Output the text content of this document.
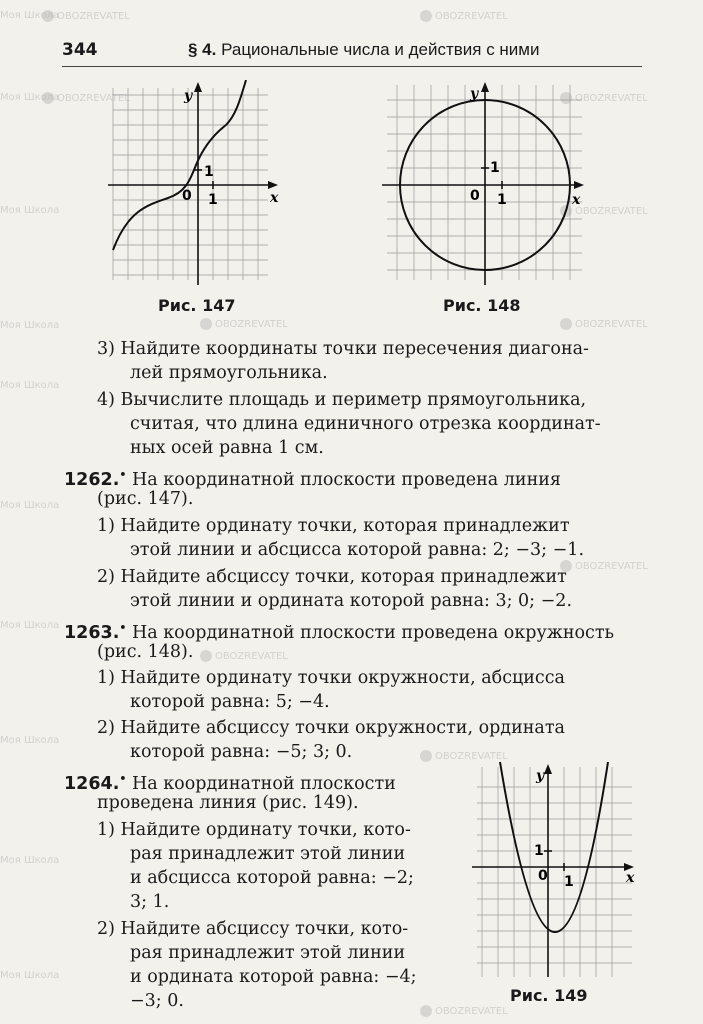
Моя Школа
OBOZREVATEL	OBOZREVATEL
Моя Школа
OBOZREVATEL	OBOZREVATEL
Моя Школа	OBOZREVATEL
Моя Школа	OBOZREVATEL	OBOZREVATEL
Моя Школа
Моя Школа
OBOZREVATEL
Моя Школа
OBOZREVATEL
Моя Школа
OBOZREVATEL
Моя Школа
Моя Школа
OBOZREVATEL
344	§ 4. Рациональные числа и действия с ними
y
x
0 1
1
Рис. 147
y
x
0 1
1
Рис. 148
y
x
0 1
1
Рис. 149
3) Найдите координаты точки пересечения диагона-
лей прямоугольника.
4) Вычислите площадь и периметр прямоугольника,
считая, что длина единичного отрезка координат-
ных осей равна 1 см.
1262.• На координатной плоскости проведена линия
(рис. 147).
1) Найдите ординату точки, которая принадлежит
этой линии и абсцисса которой равна: 2; −3; −1.
2) Найдите абсциссу точки, которая принадлежит
этой линии и ордината которой равна: 3; 0; −2.
1263.• На координатной плоскости проведена окружность
(рис. 148).
1) Найдите ординату точки окружности, абсцисса
которой равна: 5; −4.
2) Найдите абсциссу точки окружности, ордината
которой равна: −5; 3; 0.
1264.• На координатной плоскости
проведена линия (рис. 149).
1) Найдите ординату точки, кото-
рая принадлежит этой линии
и абсцисса которой равна: −2;
3; 1.
2) Найдите абсциссу точки, кото-
рая принадлежит этой линии
и ордината которой равна: −4;
−3; 0.
